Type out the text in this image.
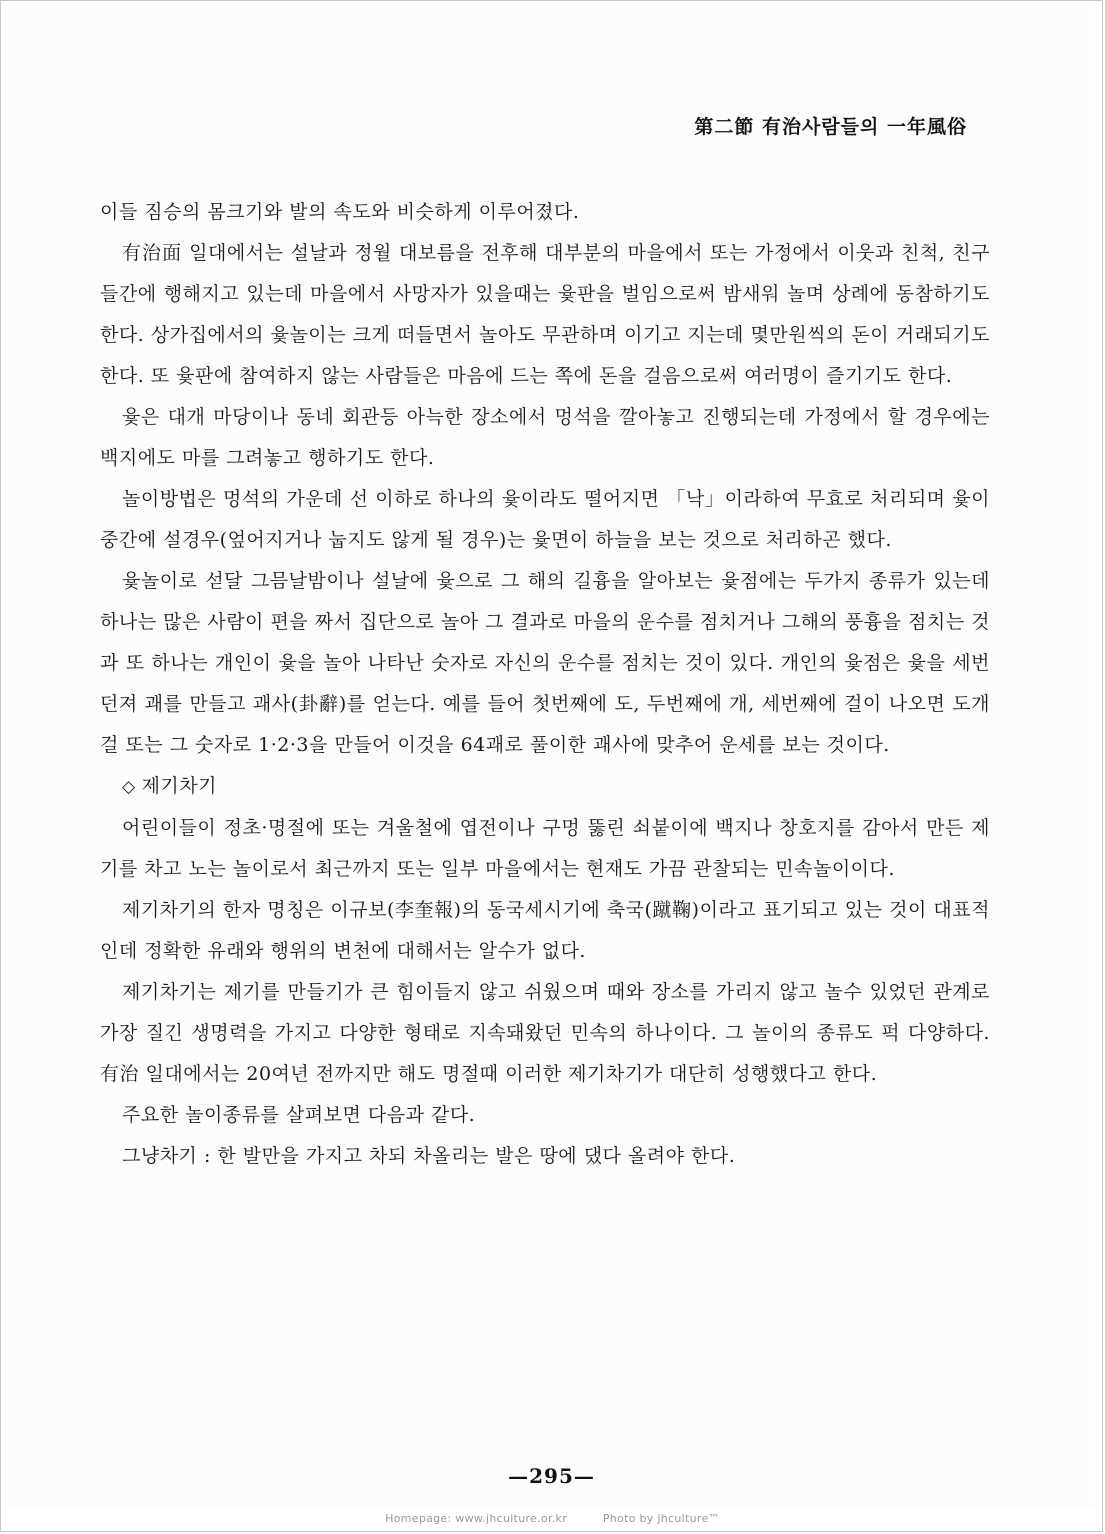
第二節 有治사람들의 一年風俗

이들 짐승의 몸크기와 발의 속도와 비슷하게 이루어졌다.

有治面 일대에서는 설날과 정월 대보름을 전후해 대부분의 마을에서 또는 가정에서 이웃과 친척, 친구들간에 행해지고 있는데 마을에서 사망자가 있을때는 윷판을 벌임으로써 밤새워 놀며 상례에 동참하기도 한다. 상가집에서의 윷놀이는 크게 떠들면서 놀아도 무관하며 이기고 지는데 몇만원씩의 돈이 거래되기도 한다. 또 윷판에 참여하지 않는 사람들은 마음에 드는 쪽에 돈을 걸음으로써 여러명이 즐기기도 한다.

윷은 대개 마당이나 동네 회관등 아늑한 장소에서 멍석을 깔아놓고 진행되는데 가정에서 할 경우에는 백지에도 마를 그려놓고 행하기도 한다.

놀이방법은 멍석의 가운데 선 이하로 하나의 윷이라도 떨어지면 「낙」이라하여 무효로 처리되며 윷이 중간에 설경우(엎어지거나 눕지도 않게 될 경우)는 윷면이 하늘을 보는 것으로 처리하곤 했다.

윷놀이로 섣달 그믐날밤이나 설날에 윷으로 그 해의 길흉을 알아보는 윷점에는 두가지 종류가 있는데 하나는 많은 사람이 편을 짜서 집단으로 놀아 그 결과로 마을의 운수를 점치거나 그해의 풍흉을 점치는 것과 또 하나는 개인이 윷을 놀아 나타난 숫자로 자신의 운수를 점치는 것이 있다. 개인의 윷점은 윷을 세번 던져 괘를 만들고 괘사(卦辭)를 얻는다. 예를 들어 첫번째에 도, 두번째에 개, 세번째에 걸이 나오면 도개걸 또는 그 숫자로 1·2·3을 만들어 이것을 64괘로 풀이한 괘사에 맞추어 운세를 보는 것이다.

◇ 제기차기

어린이들이 정초·명절에 또는 겨울철에 엽전이나 구멍 뚫린 쇠붙이에 백지나 창호지를 감아서 만든 제기를 차고 노는 놀이로서 최근까지 또는 일부 마을에서는 현재도 가끔 관찰되는 민속놀이이다.

제기차기의 한자 명칭은 이규보(李奎報)의 동국세시기에 축국(蹴鞠)이라고 표기되고 있는 것이 대표적인데 정확한 유래와 행위의 변천에 대해서는 알수가 없다.

제기차기는 제기를 만들기가 큰 힘이들지 않고 쉬웠으며 때와 장소를 가리지 않고 놀수 있었던 관계로 가장 질긴 생명력을 가지고 다양한 형태로 지속돼왔던 민속의 하나이다. 그 놀이의 종류도 퍽 다양하다. 有治 일대에서는 20여년 전까지만 해도 명절때 이러한 제기차기가 대단히 성행했다고 한다.

주요한 놀이종류를 살펴보면 다음과 같다.

그냥차기 : 한 발만을 가지고 차되 차올리는 발은 땅에 댔다 올려야 한다.

—295—
Homepage: www.jhculture.or.kr	Photo by jhculture™
